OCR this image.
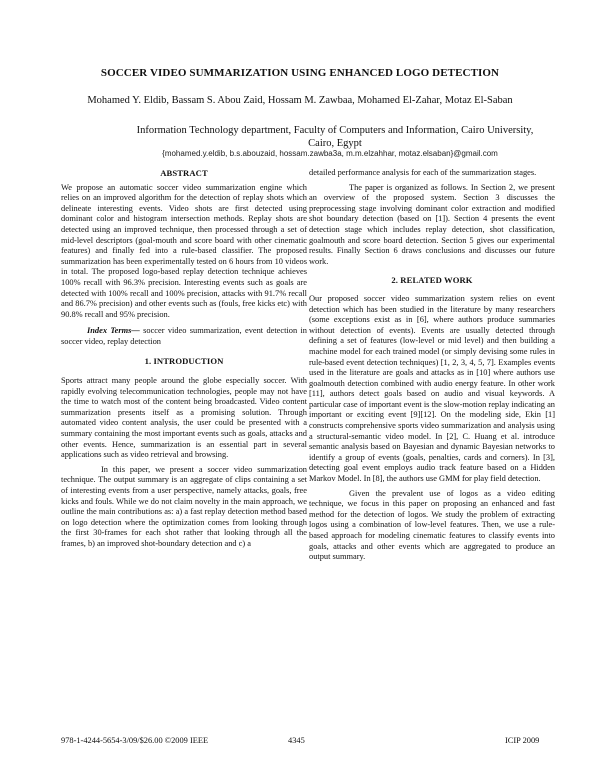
SOCCER VIDEO SUMMARIZATION USING ENHANCED LOGO DETECTION
Mohamed Y. Eldib, Bassam S. Abou Zaid, Hossam M. Zawbaa, Mohamed El-Zahar, Motaz El-Saban
Information Technology department, Faculty of Computers and Information, Cairo University, Cairo, Egypt
{mohamed.y.eldib, b.s.abouzaid, hossam.zawba3a, m.m.elzahhar, motaz.elsaban}@gmail.com
ABSTRACT

We propose an automatic soccer video summarization engine which relies on an improved algorithm for the detection of replay shots which delineate interesting events. Video shots are first detected using dominant color and histogram intersection methods. Replay shots are detected using an improved technique, then processed through a set of mid-level descriptors (goal-mouth and score board with other cinematic features) and finally fed into a rule-based classifier. The proposed summarization has been experimentally tested on 6 hours from 10 videos in total. The proposed logo-based replay detection technique achieves 100% recall with 96.3% precision. Interesting events such as goals are detected with 100% recall and 100% precision, attacks with 91.7% recall and 86.7% precision) and other events such as (fouls, free kicks etc) with 90.8% recall and 95% precision.

Index Terms— soccer video summarization, event detection in soccer video, replay detection

1. INTRODUCTION

Sports attract many people around the globe especially soccer. With rapidly evolving telecommunication technologies, people may not have the time to watch most of the content being broadcasted. Video content summarization presents itself as a promising solution. Through automated video content analysis, the user could be presented with a summary containing the most important events such as goals, attacks and other events. Hence, summarization is an essential part in several applications such as video retrieval and browsing.

In this paper, we present a soccer video summarization technique. The output summary is an aggregate of clips containing a set of interesting events from a user perspective, namely attacks, goals, free kicks and fouls. While we do not claim novelty in the main approach, we outline the main contributions as: a) a fast replay detection method based on logo detection where the optimization comes from looking through the first 30-frames for each shot rather that looking through all the frames, b) an improved shot-boundary detection and c) a

detailed performance analysis for each of the summarization stages.

The paper is organized as follows. In Section 2, we present an overview of the proposed system. Section 3 discusses the preprocessing stage involving dominant color extraction and modified shot boundary detection (based on [1]). Section 4 presents the event detection stage which includes replay detection, shot classification, goalmouth and score board detection. Section 5 gives our experimental results. Finally Section 6 draws conclusions and discusses our future work.

2. RELATED WORK

Our proposed soccer video summarization system relies on event detection which has been studied in the literature by many researchers (some exceptions exist as in [6], where authors produce summaries without detection of events). Events are usually detected through defining a set of features (low-level or mid level) and then building a machine model for each trained model (or simply devising some rules in rule-based event detection techniques) [1, 2, 3, 4, 5, 7]. Examples events used in the literature are goals and attacks as in [10] where authors use goalmouth detection combined with audio energy feature. In other work [11], authors detect goals based on audio and visual keywords. A particular case of important event is the slow-motion replay indicating an important or exciting event [9][12]. On the modeling side, Ekin [1] constructs comprehensive sports video summarization and analysis using a structural-semantic video model. In [2], C. Huang et al. introduce semantic analysis based on Bayesian and dynamic Bayesian networks to identify a group of events (goals, penalties, cards and corners). In [3], detecting goal event employs audio track feature based on a Hidden Markov Model. In [8], the authors use GMM for play field detection.

Given the prevalent use of logos as a video editing technique, we focus in this paper on proposing an enhanced and fast method for the detection of logos. We study the problem of extracting logos using a combination of low-level features. Then, we use a rule-based approach for modeling cinematic features to classify events into goals, attacks and other events which are aggregated to produce an output summary.

978-1-4244-5654-3/09/$26.00 ©2009 IEEE	4345	ICIP 2009
